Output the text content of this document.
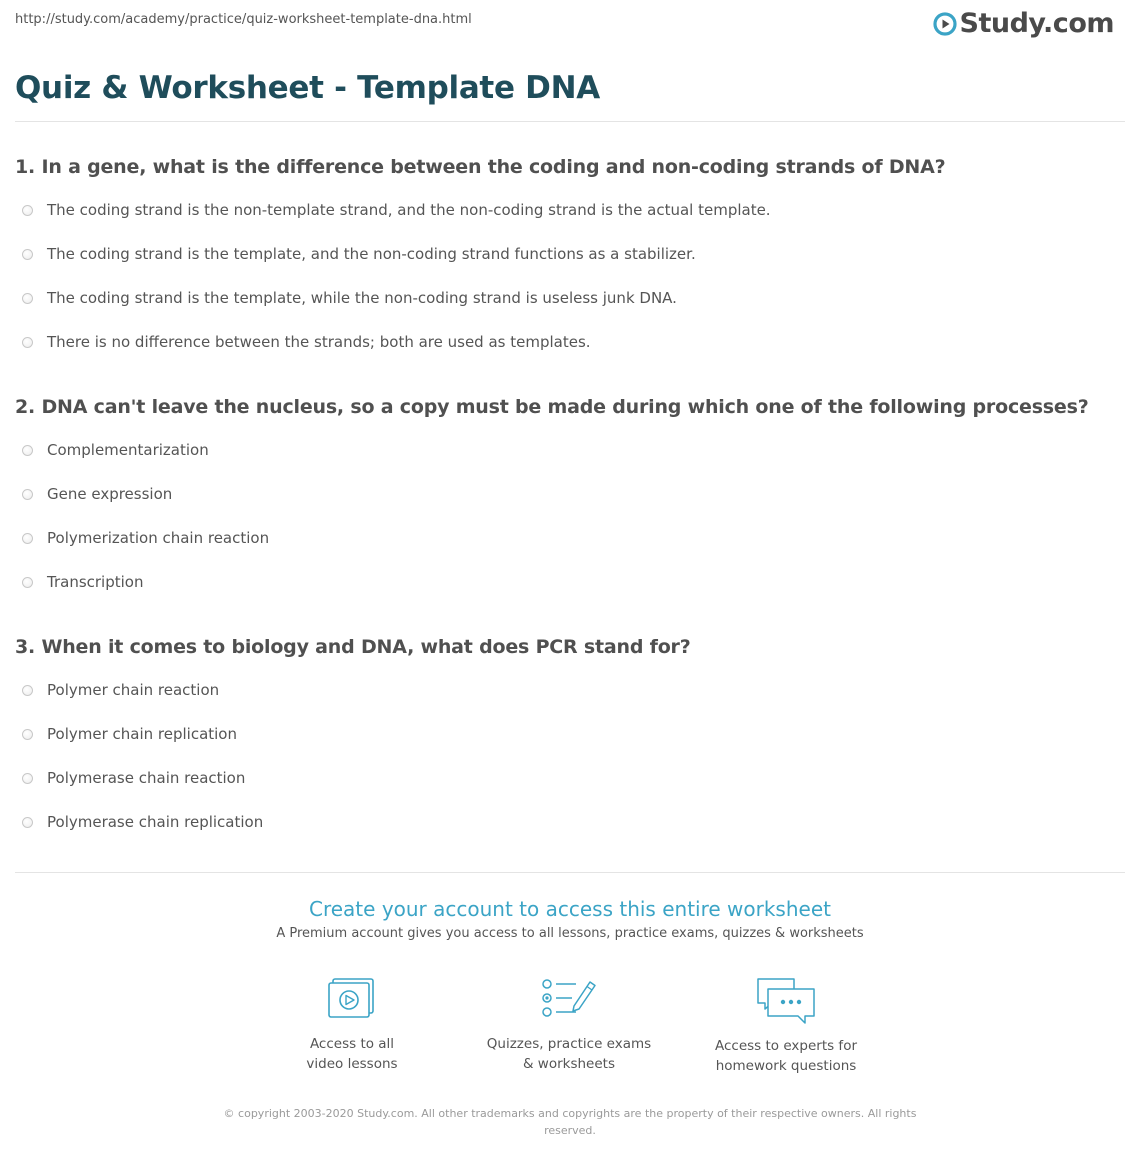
http://study.com/academy/practice/quiz-worksheet-template-dna.html	Study.com
Quiz & Worksheet - Template DNA
1. In a gene, what is the difference between the coding and non-coding strands of DNA?
The coding strand is the non-template strand, and the non-coding strand is the actual template.
The coding strand is the template, and the non-coding strand functions as a stabilizer.
The coding strand is the template, while the non-coding strand is useless junk DNA.
There is no difference between the strands; both are used as templates.
2. DNA can't leave the nucleus, so a copy must be made during which one of the following processes?
Complementarization
Gene expression
Polymerization chain reaction
Transcription
3. When it comes to biology and DNA, what does PCR stand for?
Polymer chain reaction
Polymer chain replication
Polymerase chain reaction
Polymerase chain replication
Create your account to access this entire worksheet
A Premium account gives you access to all lessons, practice exams, quizzes & worksheets
Access to all
video lessons
Quizzes, practice exams
& worksheets
Access to experts for
homework questions
© copyright 2003-2020 Study.com. All other trademarks and copyrights are the property of their respective owners. All rights
reserved.
